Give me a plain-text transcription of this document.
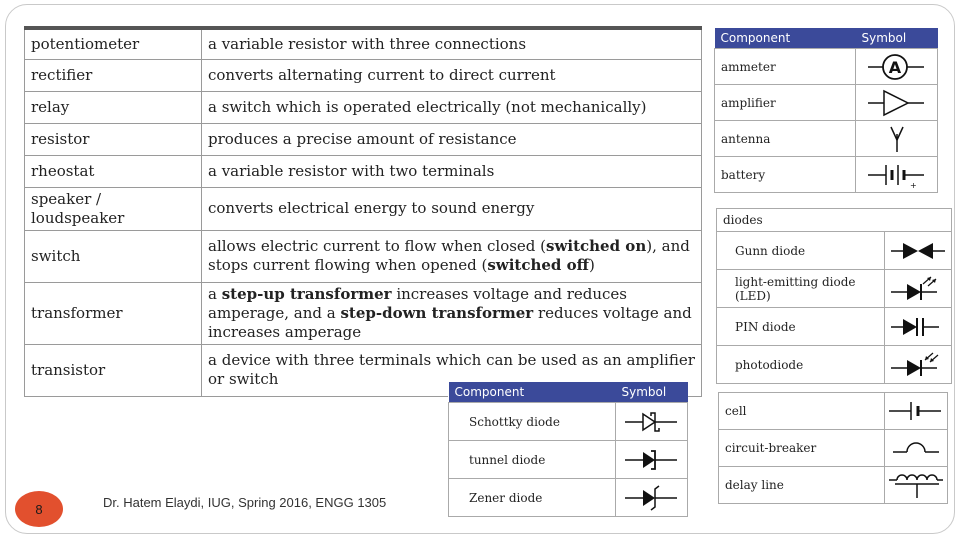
potentiometer	a variable resistor with three connections
rectifier	converts alternating current to direct current
relay	a switch which is operated electrically (not mechanically)
resistor	produces a precise amount of resistance
rheostat	a variable resistor with two terminals
speaker / loudspeaker	converts electrical energy to sound energy
switch	allows electric current to flow when closed (switched on), and stops current flowing when opened (switched off)
transformer	a step-up transformer increases voltage and reduces amperage, and a step-down transformer reduces voltage and increases amperage
transistor	a device with three terminals which can be used as an amplifier or switch
Component	Symbol
ammeter	A

amplifier	

antenna	

battery	+
diodes	
Gunn diode	

light-emitting diode (LED)	

PIN diode	

photodiode	
Component	Symbol
Schottky diode	

tunnel diode	

Zener diode	
cell	

circuit-breaker	

delay line	
8	Dr. Hatem Elaydi, IUG, Spring 2016, ENGG 1305
